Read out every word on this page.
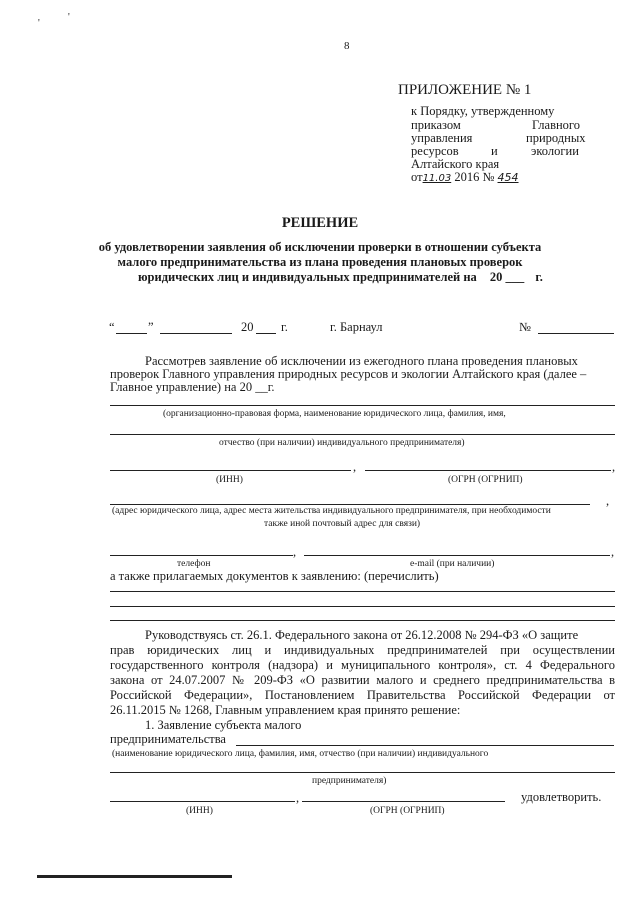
'
'
8
ПРИЛОЖЕНИЕ № 1
к Порядку, утвержденному
приказом	Главного
управления	природных
ресурсов	и	экологии
Алтайского края
от11.03 2016 № 454
РЕШЕНИЕ
об удовлетворении заявления об исключении проверки в отношении субъекта
малого предпринимательства из плана проведения плановых проверок
юридических лиц и индивидуальных предпринимателей на 20 ___ г.
“	”	20 г.	г. Барнаул	№
Рассмотрев заявление об исключении из ежегодного плана проведения плановых
проверок Главного управления природных ресурсов и экологии Алтайского края (далее –
Главное управление) на 20 __г.
(организационно-правовая форма, наименование юридического лица, фамилия, имя,
отчество (при наличии) индивидуального предпринимателя)
,	,
(ИНН)	(ОГРН (ОГРНИП)
,
(адрес юридического лица, адрес места жительства индивидуального предпринимателя, при необходимости
также иной почтовый адрес для связи)
,	,
телефон	e-mail (при наличии)
а также прилагаемых документов к заявлению: (перечислить)
Руководствуясь ст. 26.1. Федерального закона от 26.12.2008 № 294-ФЗ «О защите
прав юридических лиц и индивидуальных предпринимателей при осуществлении
государственного контроля (надзора) и муниципального контроля», ст. 4 Федерального
закона от 24.07.2007 № 209-ФЗ «О развитии малого и среднего предпринимательства в
Российской Федерации», Постановлением Правительства Российской Федерации от
26.11.2015 № 1268, Главным управлением края принято решение:
1. Заявление субъекта малого
предпринимательства
(наименование юридического лица, фамилия, имя, отчество (при наличии) индивидуального
предпринимателя)
,	удовлетворить.
(ИНН)	(ОГРН (ОГРНИП)
